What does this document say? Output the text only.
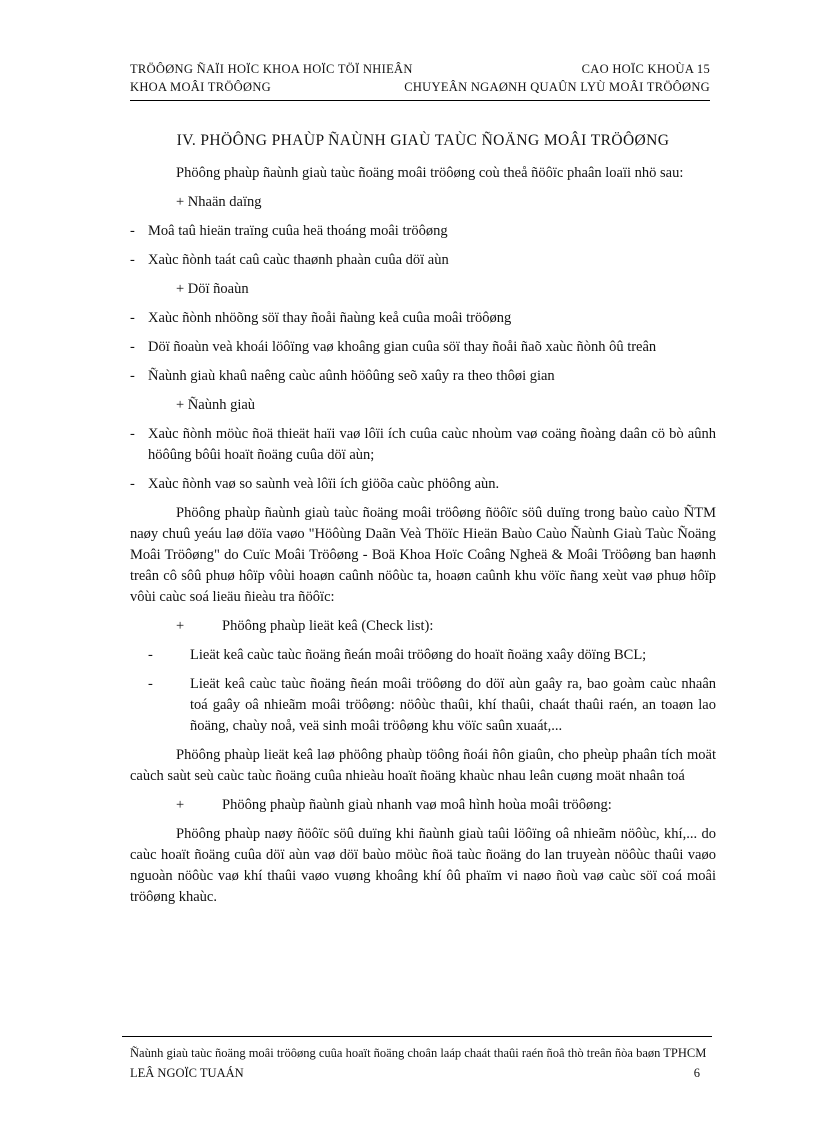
TRÖÔØNG ÑAÏI HOÏC KHOA HOÏC TÖÏ NHIEÂN	CAO HOÏC KHOÙA 15
KHOA MOÂI TRÖÔØNG	CHUYEÂN NGAØNH QUAÛN LYÙ MOÂI TRÖÔØNG
IV. PHÖÔNG PHAÙP ÑAÙNH GIAÙ TAÙC ÑOÄNG MOÂI TRÖÔØNG
Phöông phaùp ñaùnh giaù taùc ñoäng moâi tröôøng coù theå ñöôïc phaân loaïi nhö sau:
+ Nhaän daïng
- Moâ taû hieän traïng cuûa heä thoáng moâi tröôøng
- Xaùc ñònh taát caû caùc thaønh phaàn cuûa döï aùn
+ Döï ñoaùn
- Xaùc ñònh nhöõng söï thay ñoåi ñaùng keå cuûa moâi tröôøng
- Döï ñoaùn veà khoái löôïng vaø khoâng gian cuûa söï thay ñoåi ñaõ xaùc ñònh ôû treân
- Ñaùnh giaù khaû naêng caùc aûnh höôûng seõ xaûy ra theo thôøi gian
+ Ñaùnh giaù
- Xaùc ñònh möùc ñoä thieät haïi vaø lôïi ích cuûa caùc nhoùm vaø coäng ñoàng daân cö bò aûnh höôûng bôûi hoaït ñoäng cuûa döï aùn;
- Xaùc ñònh vaø so saùnh veà lôïi ích giöõa caùc phöông aùn.
Phöông phaùp ñaùnh giaù taùc ñoäng moâi tröôøng ñöôïc söû duïng trong baùo caùo ÑTM naøy chuû yeáu laø döïa vaøo "Höôùng Daãn Veà Thöïc Hieän Baùo Caùo Ñaùnh Giaù Taùc Ñoäng Moâi Tröôøng" do Cuïc Moâi Tröôøng - Boä Khoa Hoïc Coâng Ngheä & Moâi Tröôøng ban haønh treân cô sôû phuø hôïp vôùi hoaøn caûnh nöôùc ta, hoaøn caûnh khu vöïc ñang xeùt vaø phuø hôïp vôùi caùc soá lieäu ñieàu tra ñöôïc:
+	Phöông phaùp lieät keâ (Check list):
-	Lieät keâ caùc taùc ñoäng ñeán moâi tröôøng do hoaït ñoäng xaây döïng BCL;
-	Lieät keâ caùc taùc ñoäng ñeán moâi tröôøng do döï aùn gaây ra, bao goàm caùc nhaân toá gaây oâ nhieãm moâi tröôøng: nöôùc thaûi, khí thaûi, chaát thaûi raén, an toaøn lao ñoäng, chaùy noå, veä sinh moâi tröôøng khu vöïc saûn xuaát,...
Phöông phaùp lieät keâ laø phöông phaùp töông ñoái ñôn giaûn, cho pheùp phaân tích moät caùch saùt seù caùc taùc ñoäng cuûa nhieàu hoaït ñoäng khaùc nhau leân cuøng moät nhaân toá
+	Phöông phaùp ñaùnh giaù nhanh vaø moâ hình hoùa moâi tröôøng:
Phöông phaùp naøy ñöôïc söû duïng khi ñaùnh giaù taûi löôïng oâ nhieãm nöôùc, khí,... do caùc hoaït ñoäng cuûa döï aùn vaø döï baùo möùc ñoä taùc ñoäng do lan truyeàn nöôùc thaûi vaøo nguoàn nöôùc vaø khí thaûi vaøo vuøng khoâng khí ôû phaïm vi naøo ñoù vaø caùc söï coá moâi tröôøng khaùc.
Ñaùnh giaù taùc ñoäng moâi tröôøng cuûa hoaït ñoäng choân laáp chaát thaûi raén ñoâ thò treân ñòa baøn TPHCM
LEÂ NGOÏC TUAÁN	6
